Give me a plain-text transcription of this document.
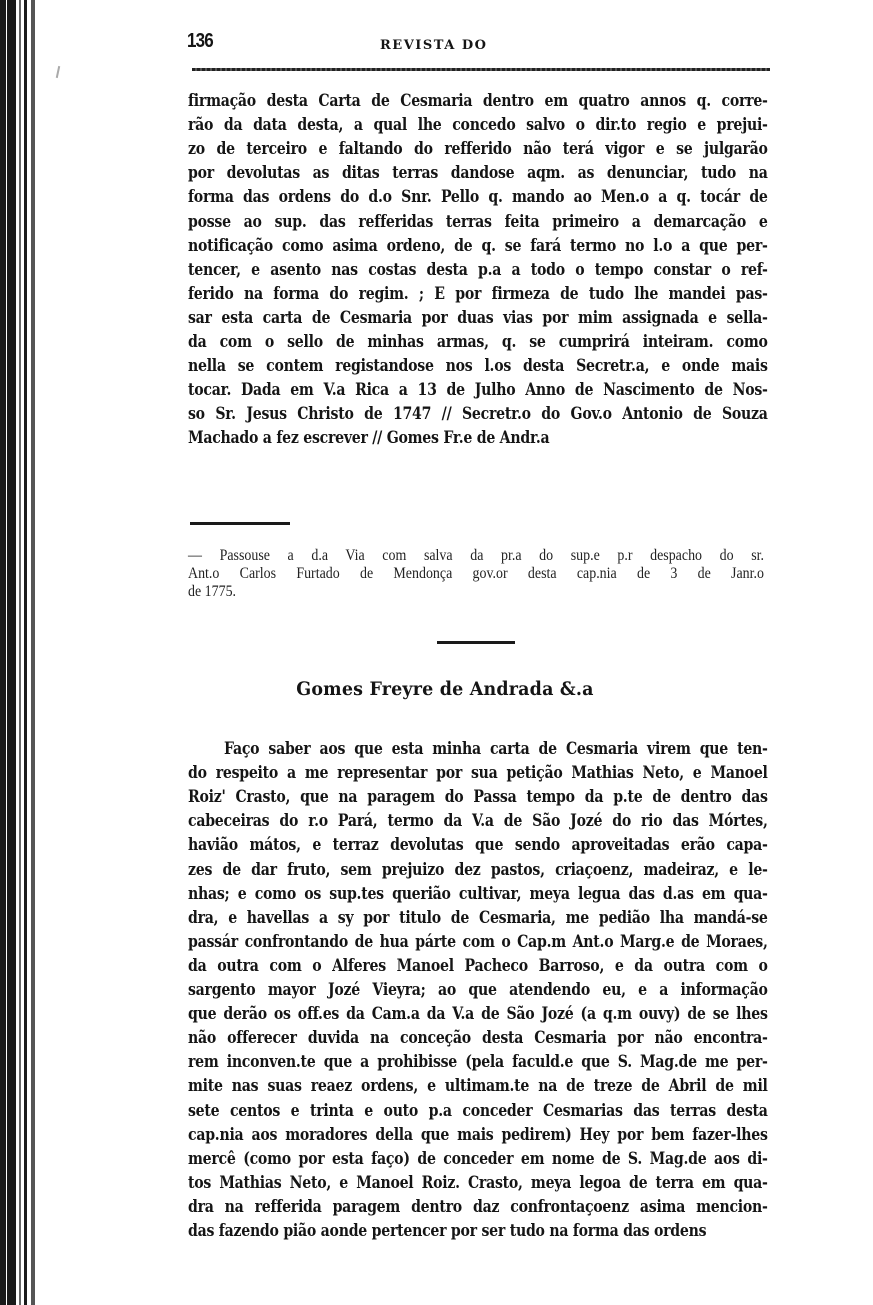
136	REVISTA DO
firmação desta Carta de Cesmaria dentro em quatro annos q. corre-
rão da data desta, a qual lhe concedo salvo o dir.to regio e prejui-
zo de terceiro e faltando do refferido não terá vigor e se julgarão
por devolutas as ditas terras dandose aqm. as denunciar, tudo na
forma das ordens do d.o Snr. Pello q. mando ao Men.o a q. tocár de
posse ao sup. das refferidas terras feita primeiro a demarcação e
notificação como asima ordeno, de q. se fará termo no l.o a que per-
tencer, e asento nas costas desta p.a a todo o tempo constar o ref-
ferido na forma do regim. ; E por firmeza de tudo lhe mandei pas-
sar esta carta de Cesmaria por duas vias por mim assignada e sella-
da com o sello de minhas armas, q. se cumprirá inteiram. como
nella se contem registandose nos l.os desta Secretr.a, e onde mais
tocar. Dada em V.a Rica a 13 de Julho Anno de Nascimento de Nos-
so Sr. Jesus Christo de 1747 // Secretr.o do Gov.o Antonio de Souza
Machado a fez escrever // Gomes Fr.e de Andr.a
— Passouse a d.a Via com salva da pr.a do sup.e p.r despacho do sr.
Ant.o Carlos Furtado de Mendonça gov.or desta cap.nia de 3 de Janr.o
de 1775.
Gomes Freyre de Andrada &.a
Faço saber aos que esta minha carta de Cesmaria virem que ten-
do respeito a me representar por sua petição Mathias Neto, e Manoel
Roiz' Crasto, que na paragem do Passa tempo da p.te de dentro das
cabeceiras do r.o Pará, termo da V.a de São Jozé do rio das Mórtes,
havião mátos, e terraz devolutas que sendo aproveitadas erão capa-
zes de dar fruto, sem prejuizo dez pastos, criaçoenz, madeiraz, e le-
nhas; e como os sup.tes querião cultivar, meya legua das d.as em qua-
dra, e havellas a sy por titulo de Cesmaria, me pedião lha mandá-se
passár confrontando de hua párte com o Cap.m Ant.o Marg.e de Moraes,
da outra com o Alferes Manoel Pacheco Barroso, e da outra com o
sargento mayor Jozé Vieyra; ao que atendendo eu, e a informação
que derão os off.es da Cam.a da V.a de São Jozé (a q.m ouvy) de se lhes
não offerecer duvida na conceção desta Cesmaria por não encontra-
rem inconven.te que a prohibisse (pela faculd.e que S. Mag.de me per-
mite nas suas reaez ordens, e ultimam.te na de treze de Abril de mil
sete centos e trinta e outo p.a conceder Cesmarias das terras desta
cap.nia aos moradores della que mais pedirem) Hey por bem fazer-lhes
mercê (como por esta faço) de conceder em nome de S. Mag.de aos di-
tos Mathias Neto, e Manoel Roiz. Crasto, meya legoa de terra em qua-
dra na refferida paragem dentro daz confrontaçoenz asima mencion-
das fazendo pião aonde pertencer por ser tudo na forma das ordens
